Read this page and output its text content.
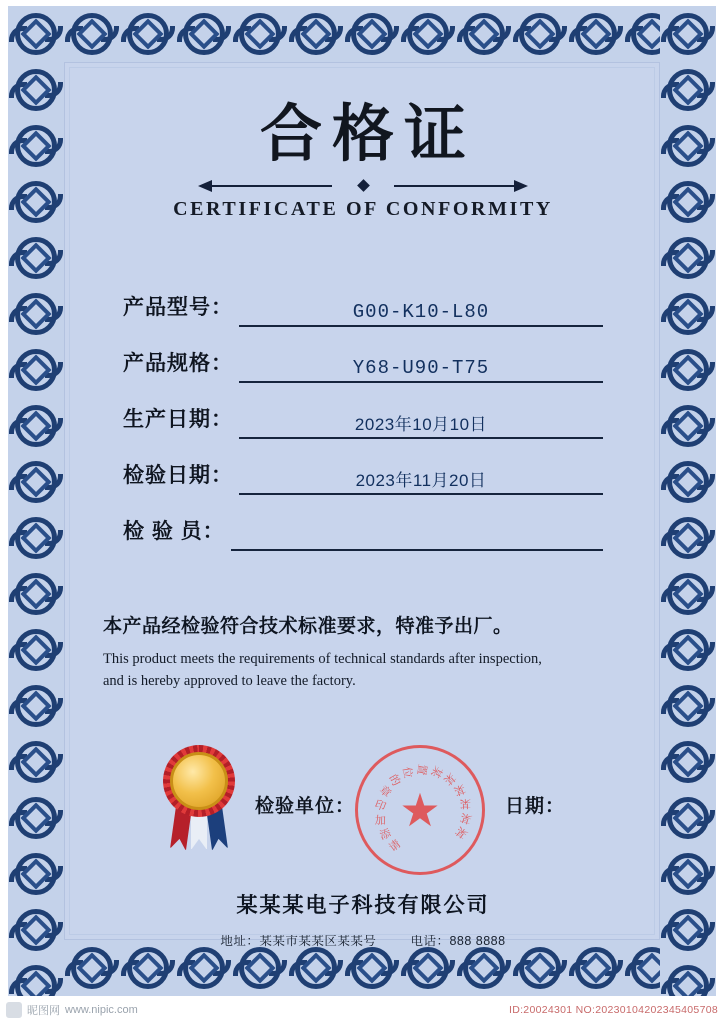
合格证
CERTIFICATE OF CONFORMITY
产品型号：	G00-K10-L80
产品规格：	Y68-U90-T75
生产日期：	2023年10月10日
检验日期：	2023年11月20日
检 验 员：
本产品经检验符合技术标准要求，特准予出厂。
This product meets the requirements of technical standards after inspection,
and is hereby approved to leave the factory.
检验单位：	日期：
请
添
加
印
章
的
位 置 某
某
某
某
某
某
★
某某某电子科技有限公司
地址：某某市某某区某某号	电话：888 8888
昵图网 www.nipic.com	ID:20024301 NO:20230104202345405708
